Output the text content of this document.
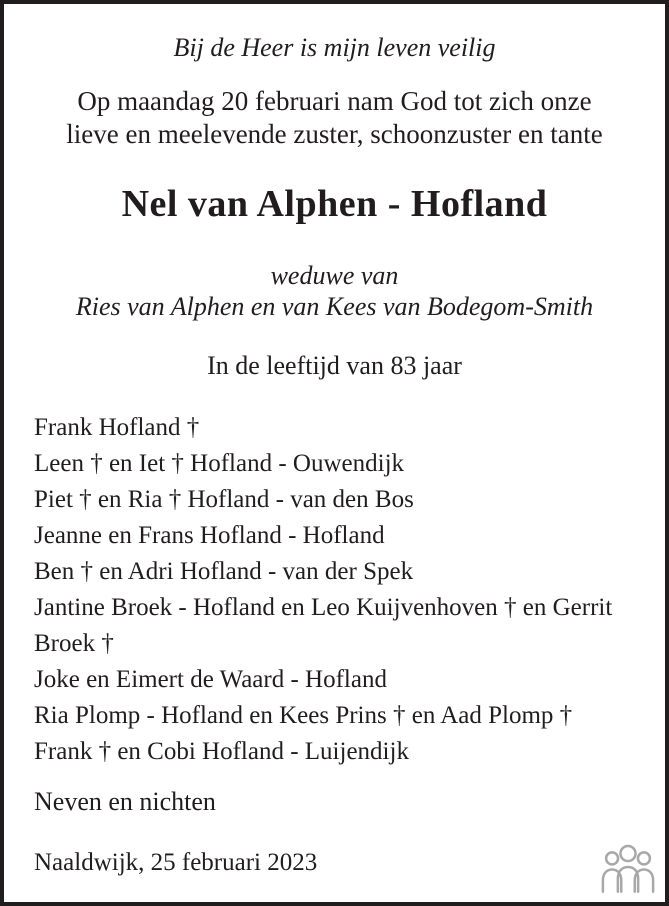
Bij de Heer is mijn leven veilig
Op maandag 20 februari nam God tot zich onze
lieve en meelevende zuster, schoonzuster en tante
Nel van Alphen - Hofland
weduwe van
Ries van Alphen en van Kees van Bodegom-Smith
In de leeftijd van 83 jaar
Frank Hofland †
Leen † en Iet † Hofland - Ouwendijk
Piet † en Ria † Hofland - van den Bos
Jeanne en Frans Hofland - Hofland
Ben † en Adri Hofland - van der Spek
Jantine Broek - Hofland en Leo Kuijvenhoven † en Gerrit Broek †
Joke en Eimert de Waard - Hofland
Ria Plomp - Hofland en Kees Prins † en Aad Plomp †
Frank † en Cobi Hofland - Luijendijk
Neven en nichten
Naaldwijk, 25 februari 2023
